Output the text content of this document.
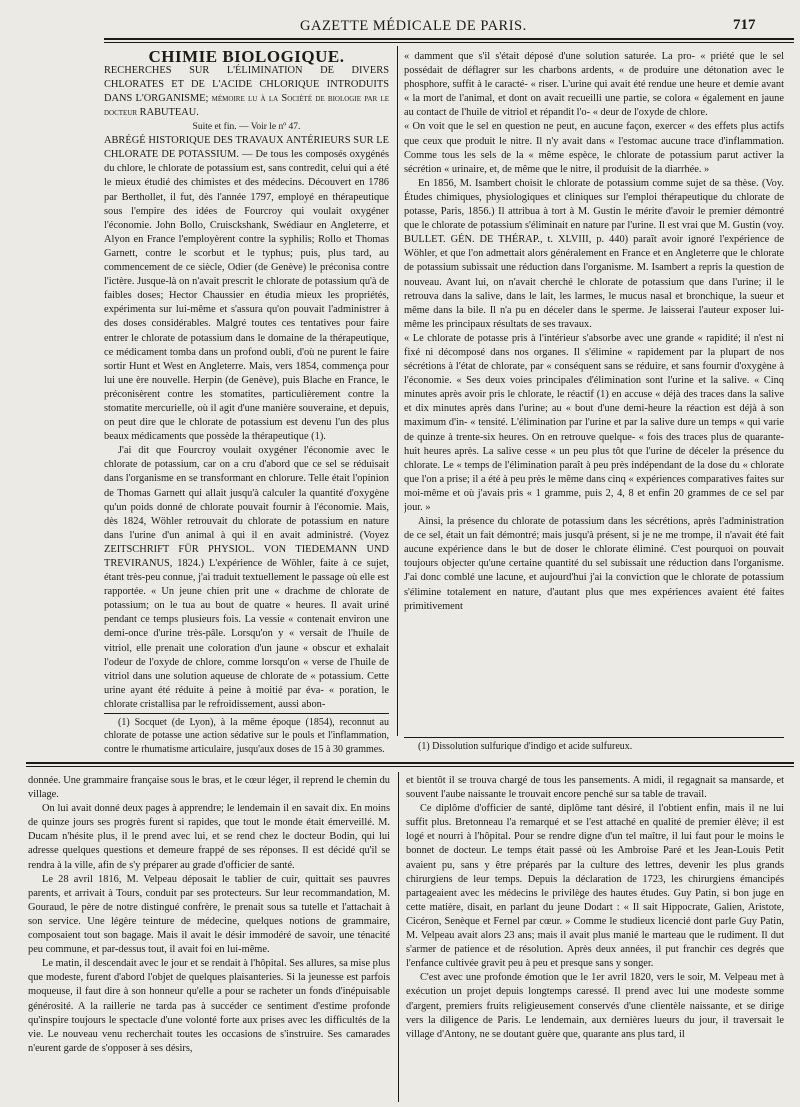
GAZETTE MÉDICALE DE PARIS.	717

CHIMIE BIOLOGIQUE.

RECHERCHES SUR L'ÉLIMINATION DE DIVERS CHLORATES ET DE L'ACIDE CHLORIQUE INTRODUITS DANS L'ORGANISME; mémoire lu à la Société de biologie par le docteur RABUTEAU.

Suite et fin. — Voir le nº 47.

ABRÉGÉ HISTORIQUE DES TRAVAUX ANTÉRIEURS SUR LE CHLORATE DE POTASSIUM. — De tous les composés oxygénés du chlore, le chlorate de potassium est, sans contredit, celui qui a été le mieux étudié des chimistes et des médecins. Découvert en 1786 par Berthollet, il fut, dès l'année 1797, employé en thérapeutique sous l'empire des idées de Fourcroy qui voulait oxygéner l'économie. John Bollo, Cruisckshank, Swédiaur en Angleterre, et Alyon en France l'employèrent contre la syphilis; Rollo et Thomas Garnett, contre le scorbut et le typhus; puis, plus tard, au commencement de ce siècle, Odier (de Genève) le préconisa contre l'ictère. Jusque-là on n'avait prescrit le chlorate de potassium qu'à de faibles doses; Hector Chaussier en étudia mieux les propriétés, expérimenta sur lui-même et s'assura qu'on pouvait l'administrer à des doses considérables. Malgré toutes ces tentatives pour faire entrer le chlorate de potassium dans le domaine de la thérapeutique, ce médicament tomba dans un profond oubli, d'où ne purent le faire sortir Hunt et West en Angleterre. Mais, vers 1854, commença pour lui une ère nouvelle. Herpin (de Genève), puis Blache en France, le préconisèrent contre les stomatites, particulièrement contre la stomatite mercurielle, où il agit d'une manière souveraine, et depuis, on peut dire que le chlorate de potassium est devenu l'un des plus beaux médicaments que possède la thérapeutique (1).

J'ai dit que Fourcroy voulait oxygéner l'économie avec le chlorate de potassium, car on a cru d'abord que ce sel se réduisait dans l'organisme en se transformant en chlorure. Telle était l'opinion de Thomas Garnett qui allait jusqu'à calculer la quantité d'oxygène qu'un poids donné de chlorate pouvait fournir à l'économie. Mais, dès 1824, Wöhler retrouvait du chlorate de potassium en nature dans l'urine d'un animal à qui il en avait administré. (Voyez ZEITSCHRIFT FÜR PHYSIOL. VON TIEDEMANN UND TREVIRANUS, 1824.) L'expérience de Wöhler, faite à ce sujet, étant très-peu connue, j'ai traduit textuellement le passage où elle est rapportée. « Un jeune chien prit une « drachme de chlorate de potassium; on le tua au bout de quatre « heures. Il avait uriné pendant ce temps plusieurs fois. La vessie « contenait environ une demi-once d'urine très-pâle. Lorsqu'on y « versait de l'huile de vitriol, elle prenait une coloration d'un jaune « obscur et exhalait l'odeur de l'oxyde de chlore, comme lorsqu'on « verse de l'huile de vitriol dans une solution aqueuse de chlorate de « potassium. Cette urine ayant été réduite à peine à moitié par éva- « poration, le chlorate cristallisa par le refroidissement, aussi abon-

(1) Socquet (de Lyon), à la même époque (1854), reconnut au chlorate de potasse une action sédative sur le pouls et l'inflammation, contre le rhumatisme articulaire, jusqu'aux doses de 15 à 30 grammes.

« damment que s'il s'était déposé d'une solution saturée. La pro- « priété que le sel possédait de déflagrer sur les charbons ardents, « de produire une détonation avec le phosphore, suffit à le caracté- « riser. L'urine qui avait été rendue une heure et demie avant « la mort de l'animal, et dont on avait recueilli une partie, se colora « également en jaune au contact de l'huile de vitriol et répandit l'o- « deur de l'oxyde de chlore.

« On voit que le sel en question ne peut, en aucune façon, exercer « des effets plus actifs que ceux que produit le nitre. Il n'y avait dans « l'estomac aucune trace d'inflammation. Comme tous les sels de la « même espèce, le chlorate de potassium parut activer la sécrétion « urinaire, et, de même que le nitre, il produisit de la diarrhée. »

En 1856, M. Isambert choisit le chlorate de potassium comme sujet de sa thèse. (Voy. Études chimiques, physiologiques et cliniques sur l'emploi thérapeutique du chlorate de potasse, Paris, 1856.) Il attribua à tort à M. Gustin le mérite d'avoir le premier démontré que le chlorate de potassium s'éliminait en nature par l'urine. Il est vrai que M. Gustin (voy. BULLET. GÉN. DE THÉRAP., t. XLVIII, p. 440) paraît avoir ignoré l'expérience de Wöhler, et que l'on admettait alors généralement en France et en Angleterre que le chlorate de potassium subissait une réduction dans l'organisme. M. Isambert a repris la question de nouveau. Avant lui, on n'avait cherché le chlorate de potassium que dans l'urine; il le retrouva dans la salive, dans le lait, les larmes, le mucus nasal et bronchique, la sueur et même dans la bile. Il n'a pu en déceler dans le sperme. Je laisserai l'auteur exposer lui-même les principaux résultats de ses travaux.

« Le chlorate de potasse pris à l'intérieur s'absorbe avec une grande « rapidité; il n'est ni fixé ni décomposé dans nos organes. Il s'élimine « rapidement par la plupart de nos sécrétions à l'état de chlorate, par « conséquent sans se réduire, et sans fournir d'oxygène à l'économie. « Ses deux voies principales d'élimination sont l'urine et la salive. « Cinq minutes après avoir pris le chlorate, le réactif (1) en accuse « déjà des traces dans la salive et dix minutes après dans l'urine; au « bout d'une demi-heure la réaction est déjà à son maximum d'in- « tensité. L'élimination par l'urine et par la salive dure un temps « qui varie de quinze à trente-six heures. On en retrouve quelque- « fois des traces plus de quarante-huit heures après. La salive cesse « un peu plus tôt que l'urine de déceler la présence du chlorate. Le « temps de l'élimination paraît à peu près indépendant de la dose du « chlorate que l'on a prise; il a été à peu près le même dans cinq « expériences comparatives faites sur moi-même et où j'avais pris « 1 gramme, puis 2, 4, 8 et enfin 20 grammes de ce sel par jour. »

Ainsi, la présence du chlorate de potassium dans les sécrétions, après l'administration de ce sel, était un fait démontré; mais jusqu'à présent, si je ne me trompe, il n'avait été fait aucune expérience dans le but de doser le chlorate éliminé. C'est pourquoi on pouvait toujours objecter qu'une certaine quantité du sel subissait une réduction dans l'organisme. J'ai donc comblé une lacune, et aujourd'hui j'ai la conviction que le chlorate de potassium s'élimine totalement en nature, d'autant plus que mes expériences avaient été faites primitivement

(1) Dissolution sulfurique d'indigo et acide sulfureux.

donnée. Une grammaire française sous le bras, et le cœur léger, il reprend le chemin du village.

On lui avait donné deux pages à apprendre; le lendemain il en savait dix. En moins de quinze jours ses progrès furent si rapides, que tout le monde était émerveillé. M. Ducam n'hésite plus, il le prend avec lui, et se rend chez le docteur Bodin, qui lui adresse quelques questions et demeure frappé de ses réponses. Il est décidé qu'il se rendra à la ville, afin de s'y préparer au grade d'officier de santé.

Le 28 avril 1816, M. Velpeau déposait le tablier de cuir, quittait ses pauvres parents, et arrivait à Tours, conduit par ses protecteurs. Sur leur recommandation, M. Gouraud, le père de notre distingué confrère, le prenait sous sa tutelle et l'attachait à son service. Une légère teinture de médecine, quelques notions de grammaire, composaient tout son bagage. Mais il avait le désir immodéré de savoir, une ténacité peu commune, et par-dessus tout, il avait foi en lui-même.

Le matin, il descendait avec le jour et se rendait à l'hôpital. Ses allures, sa mise plus que modeste, furent d'abord l'objet de quelques plaisanteries. Si la jeunesse est parfois moqueuse, il faut dire à son honneur qu'elle a pour se racheter un fonds d'inépuisable générosité. A la raillerie ne tarda pas à succéder ce sentiment d'estime profonde qu'inspire toujours le spectacle d'une volonté forte aux prises avec les difficultés de la vie. Le nouveau venu recherchait toutes les occasions de s'instruire. Ses camarades n'eurent garde de s'opposer à ses désirs,

et bientôt il se trouva chargé de tous les pansements. A midi, il regagnait sa mansarde, et souvent l'aube naissante le trouvait encore penché sur sa table de travail.

Ce diplôme d'officier de santé, diplôme tant désiré, il l'obtient enfin, mais il ne lui suffit plus. Bretonneau l'a remarqué et se l'est attaché en qualité de premier élève; il est logé et nourri à l'hôpital. Pour se rendre digne d'un tel maître, il lui faut pour le moins le bonnet de docteur. Le temps était passé où les Ambroise Paré et les Jean-Louis Petit avaient pu, sans y être préparés par la culture des lettres, devenir les plus grands chirurgiens de leur temps. Depuis la déclaration de 1723, les chirurgiens émancipés partageaient avec les médecins le privilège des hautes études. Guy Patin, si bon juge en cette matière, disait, en parlant du jeune Dodart : « Il sait Hippocrate, Galien, Aristote, Cicéron, Senèque et Fernel par cœur. » Comme le studieux licencié dont parle Guy Patin, M. Velpeau avait alors 23 ans; mais il avait plus manié le marteau que le rudiment. Il dut s'armer de patience et de résolution. Après deux années, il put franchir ces degrés que l'enfance cultivée gravit peu à peu et presque sans y songer.

C'est avec une profonde émotion que le 1er avril 1820, vers le soir, M. Velpeau met à exécution un projet depuis longtemps caressé. Il prend avec lui une modeste somme d'argent, premiers fruits religieusement conservés d'une clientèle naissante, et se dirige vers la diligence de Paris. Le lendemain, aux dernières lueurs du jour, il traversait le village d'Antony, ne se doutant guère que, quarante ans plus tard, il
